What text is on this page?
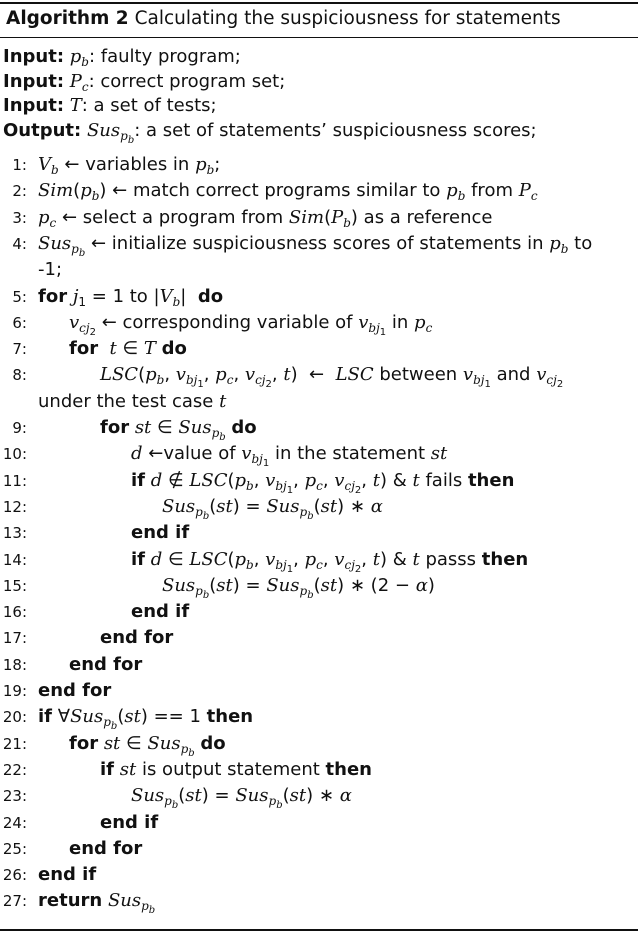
Algorithm 2 Calculating the suspiciousness for statements
Input: $p_b$: faulty program;
Input: $P_c$: correct program set;
Input: T: a set of tests;
Output: Sus$_{p_b}$: a set of statements’ suspiciousness scores;
1: $V_b$ ← variables in $p_b$;
2: $Sim(p_b)$ ← match correct programs similar to $p_b$ from $P_c$
3: $p_c$ ← select a program from $Sim(P_b)$ as a reference
4: Sus$_{p_b}$ ← initialize suspiciousness scores of statements in $p_b$ to
-1;
5: for $j_1 = 1$ to $|V_b|$  do
6: $v_{cj_2}$ ← corresponding variable of $v_{bj_1}$ in $p_c$
7: for t ∈ T do
8:	$LSC(p_b$, $v_{bj_1}$, $p_c$, $v_{cj_2}$, t)  ←  LSC between $v_{bj_1}$ and $v_{cj_2}$
under the test case t
9:	for st ∈ Sus$_{p_b}$ do
10:	d ←value of $v_{bj_1}$ in the statement st
11:	if d ∉ $LSC(p_b$, $v_{bj_1}$, $p_c$, $v_{cj_2}$, t) & t fails then
12:	Sus$_{p_b}$(st) = Sus$_{p_b}$(st) ∗ α
13:	end if
14:	if d ∈ $LSC(p_b$, $v_{bj_1}$, $p_c$, $v_{cj_2}$, t) & t passs then
15:	Sus$_{p_b}$(st) = Sus$_{p_b}$(st) ∗ (2 − α)
16:	end if
17:	end for
18: end for
19: end for
20: if ∀Sus$_{p_b}$(st) == 1 then
21: for st ∈ Sus$_{p_b}$ do
22:	if st is output statement then
23:	Sus$_{p_b}$(st) = Sus$_{p_b}$(st) ∗ α
24:	end if
25: end for
26: end if
27: return Sus$_{p_b}$
